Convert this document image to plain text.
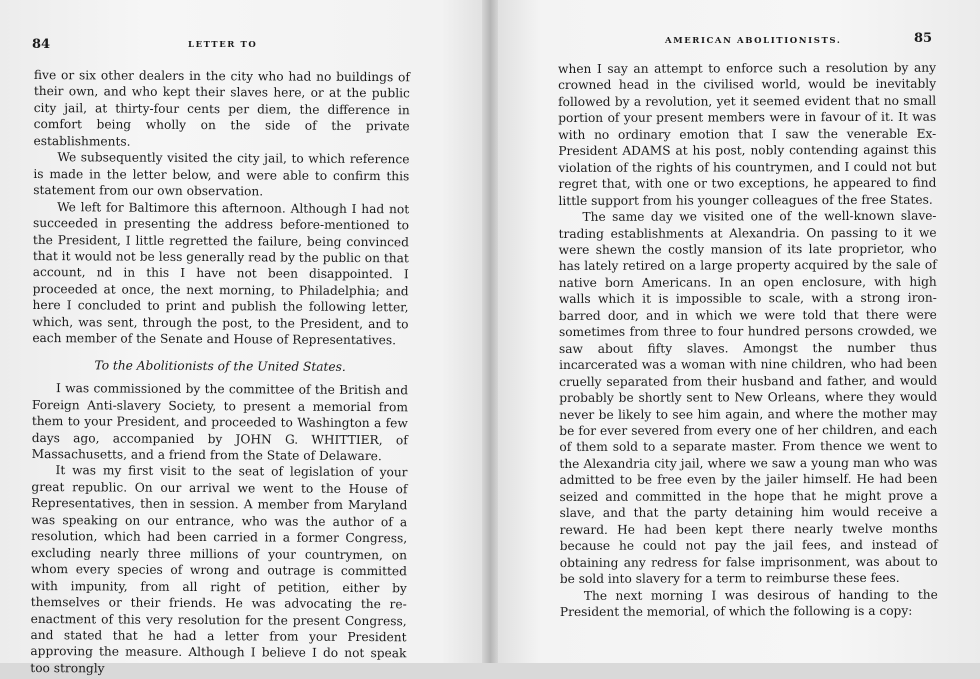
84	LETTER TO

five or six other dealers in the city who had no buildings of their own, and who kept their slaves here, or at the public city jail, at thirty-four cents per diem, the difference in comfort being wholly on the side of the private establishments.

We subsequently visited the city jail, to which reference is made in the letter below, and were able to confirm this statement from our own observation.

We left for Baltimore this afternoon. Although I had not succeeded in presenting the address before-mentioned to the President, I little regretted the failure, being convinced that it would not be less generally read by the public on that account, nd in this I have not been disappointed. I proceeded at once, the next morning, to Philadelphia; and here I concluded to print and publish the following letter, which, was sent, through the post, to the President, and to each member of the Senate and House of Representatives.

To the Abolitionists of the United States.

I was commissioned by the committee of the British and Foreign Anti-slavery Society, to present a memorial from them to your President, and proceeded to Washington a few days ago, accompanied by JOHN G. WHITTIER, of Massachusetts, and a friend from the State of Delaware.

It was my first visit to the seat of legislation of your great republic. On our arrival we went to the House of Representatives, then in session. A member from Maryland was speaking on our entrance, who was the author of a resolution, which had been carried in a former Congress, excluding nearly three millions of your countrymen, on whom every species of wrong and outrage is committed with impunity, from all right of petition, either by themselves or their friends. He was advocating the re-enactment of this very resolution for the present Congress, and stated that he had a letter from your President approving the measure. Although I believe I do not speak too strongly

AMERICAN ABOLITIONISTS.	85

when I say an attempt to enforce such a resolution by any crowned head in the civilised world, would be inevitably followed by a revolution, yet it seemed evident that no small portion of your present members were in favour of it. It was with no ordinary emotion that I saw the venerable Ex-President ADAMS at his post, nobly contending against this violation of the rights of his countrymen, and I could not but regret that, with one or two exceptions, he appeared to find little support from his younger colleagues of the free States.

The same day we visited one of the well-known slave-trading establishments at Alexandria. On passing to it we were shewn the costly mansion of its late proprietor, who has lately retired on a large property acquired by the sale of native born Americans. In an open enclosure, with high walls which it is impossible to scale, with a strong iron-barred door, and in which we were told that there were sometimes from three to four hundred persons crowded, we saw about fifty slaves. Amongst the number thus incarcerated was a woman with nine children, who had been cruelly separated from their husband and father, and would probably be shortly sent to New Orleans, where they would never be likely to see him again, and where the mother may be for ever severed from every one of her children, and each of them sold to a separate master. From thence we went to the Alexandria city jail, where we saw a young man who was admitted to be free even by the jailer himself. He had been seized and committed in the hope that he might prove a slave, and that the party detaining him would receive a reward. He had been kept there nearly twelve months because he could not pay the jail fees, and instead of obtaining any redress for false imprisonment, was about to be sold into slavery for a term to reimburse these fees.

The next morning I was desirous of handing to the President the memorial, of which the following is a copy:
